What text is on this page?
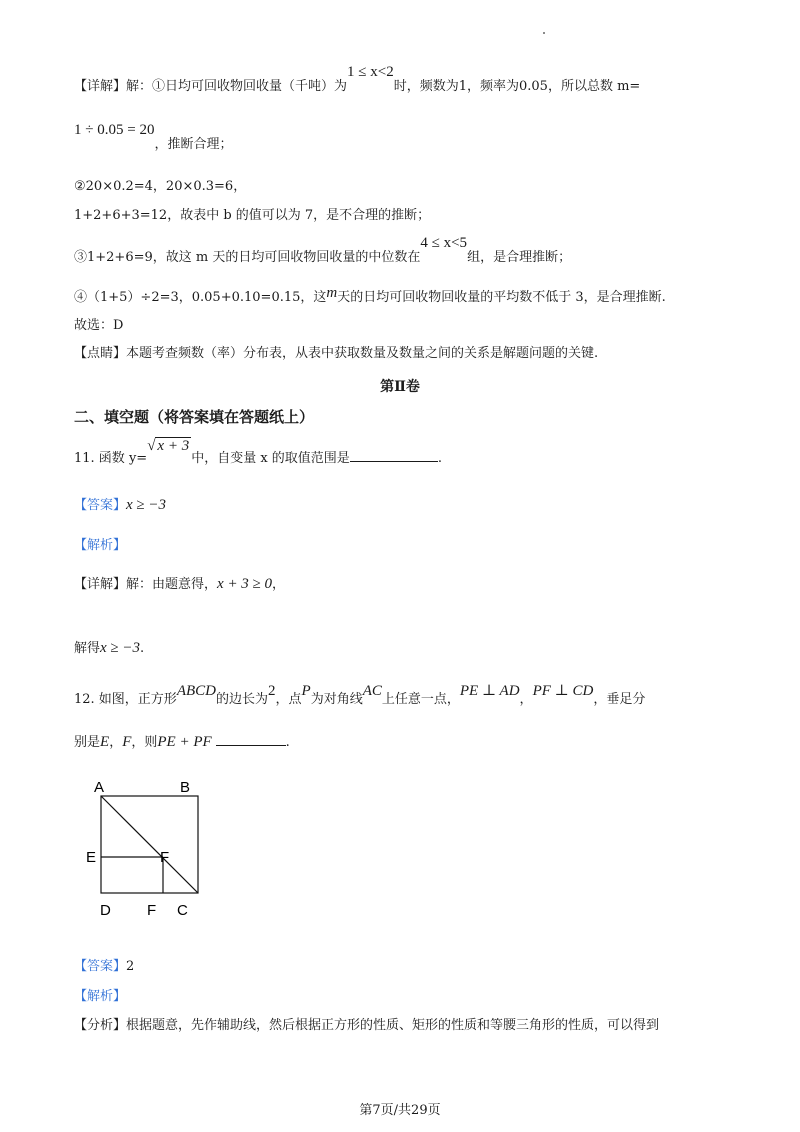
【详解】解：①日均可回收物回收量（千吨）为1 ≤ x<2时，频数为1，频率为0.05，所以总数 m=
1 ÷ 0.05 = 20，推断合理；
②20×0.2=4，20×0.3=6，
1+2+6+3=12，故表中 b 的值可以为 7，是不合理的推断；
③1+2+6=9，故这 m 天的日均可回收物回收量的中位数在4 ≤ x<5组，是合理推断；
④（1+5）÷2=3，0.05+0.10=0.15，这m天的日均可回收物回收量的平均数不低于 3，是合理推断.
故选：D
【点睛】本题考查频数（率）分布表，从表中获取数量及数量之间的关系是解题问题的关键.
第Ⅱ卷
二、填空题（将答案填在答题纸上）
11. 函数 y=√ x + 3中，自变量 x 的取值范围是	.
【答案】x ≥ −3
【解析】
【详解】解：由题意得，x + 3 ≥ 0，
解得x ≥ −3.
12. 如图，正方形ABCD的边长为2，点P为对角线AC上任意一点，PE ⊥ AD，PF ⊥ CD，垂足分
别是E，F，则PE + PF	.
A	B
E	F
D F C
【答案】2
【解析】
【分析】根据题意，先作辅助线，然后根据正方形的性质、矩形的性质和等腰三角形的性质，可以得到
第7页/共29页
